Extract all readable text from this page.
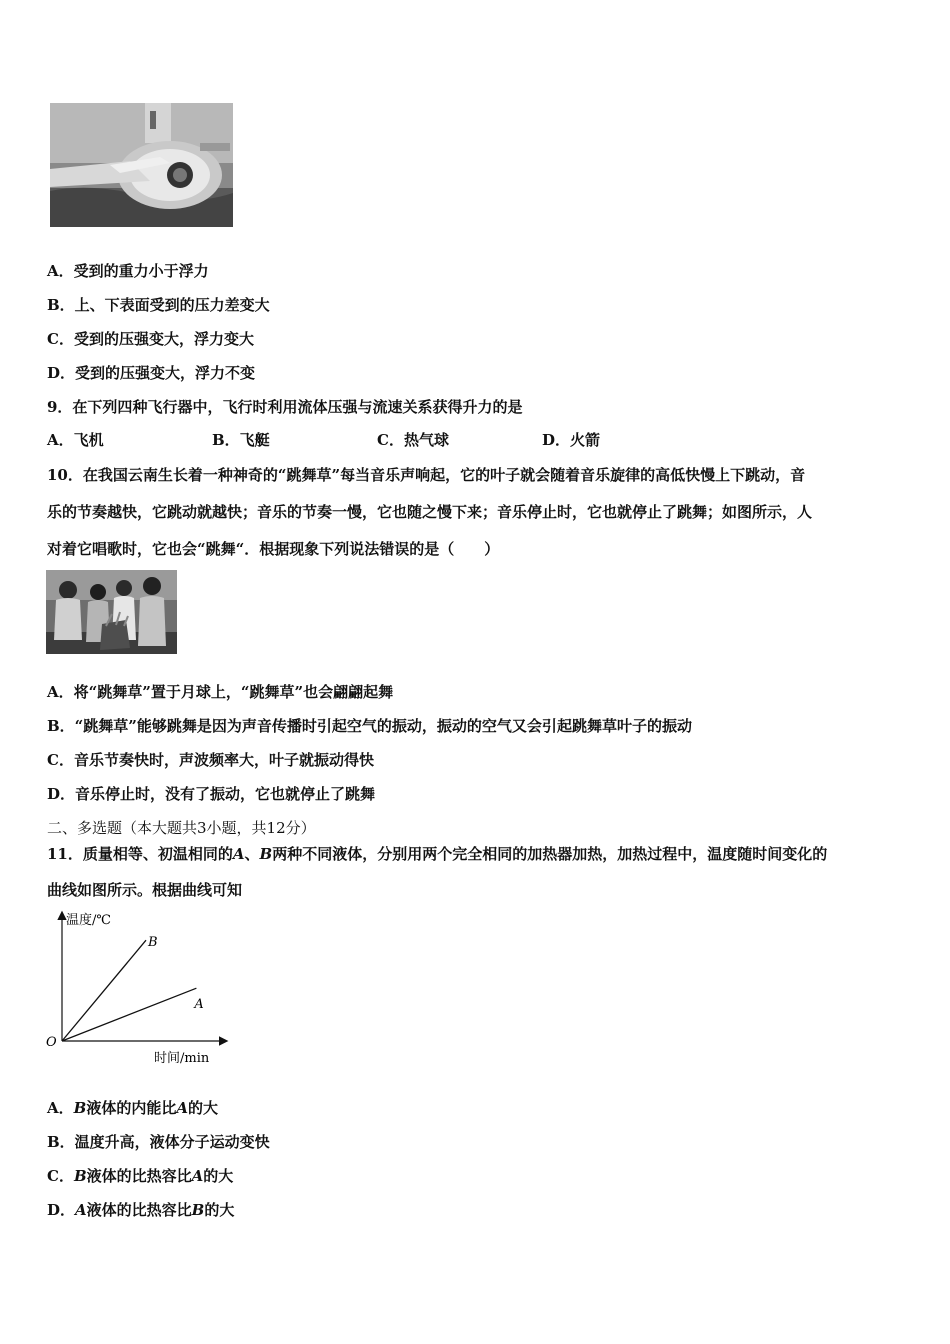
A．受到的重力小于浮力
B．上、下表面受到的压力差变大
C．受到的压强变大，浮力变大
D．受到的压强变大，浮力不变
9．在下列四种飞行器中，飞行时利用流体压强与流速关系获得升力的是
A．飞机	B．飞艇	C．热气球	D．火箭
10．在我国云南生长着一种神奇的“跳舞草”每当音乐声响起，它的叶子就会随着音乐旋律的高低快慢上下跳动，音
乐的节奏越快，它跳动就越快；音乐的节奏一慢，它也随之慢下来；音乐停止时，它也就停止了跳舞；如图所示，人
对着它唱歌时，它也会“跳舞“．根据现象下列说法错误的是（　　）
A．将“跳舞草”置于月球上，“跳舞草”也会翩翩起舞
B．“跳舞草”能够跳舞是因为声音传播时引起空气的振动，振动的空气又会引起跳舞草叶子的振动
C．音乐节奏快时，声波频率大，叶子就振动得快
D．音乐停止时，没有了振动，它也就停止了跳舞
二、多选题（本大题共3小题，共12分）
11．质量相等、初温相同的A、B两种不同液体，分别用两个完全相同的加热器加热，加热过程中，温度随时间变化的
曲线如图所示。根据曲线可知
温度/℃
时间/min
O
B
A
A．B液体的内能比A的大
B．温度升高，液体分子运动变快
C．B液体的比热容比A的大
D．A液体的比热容比B的大
